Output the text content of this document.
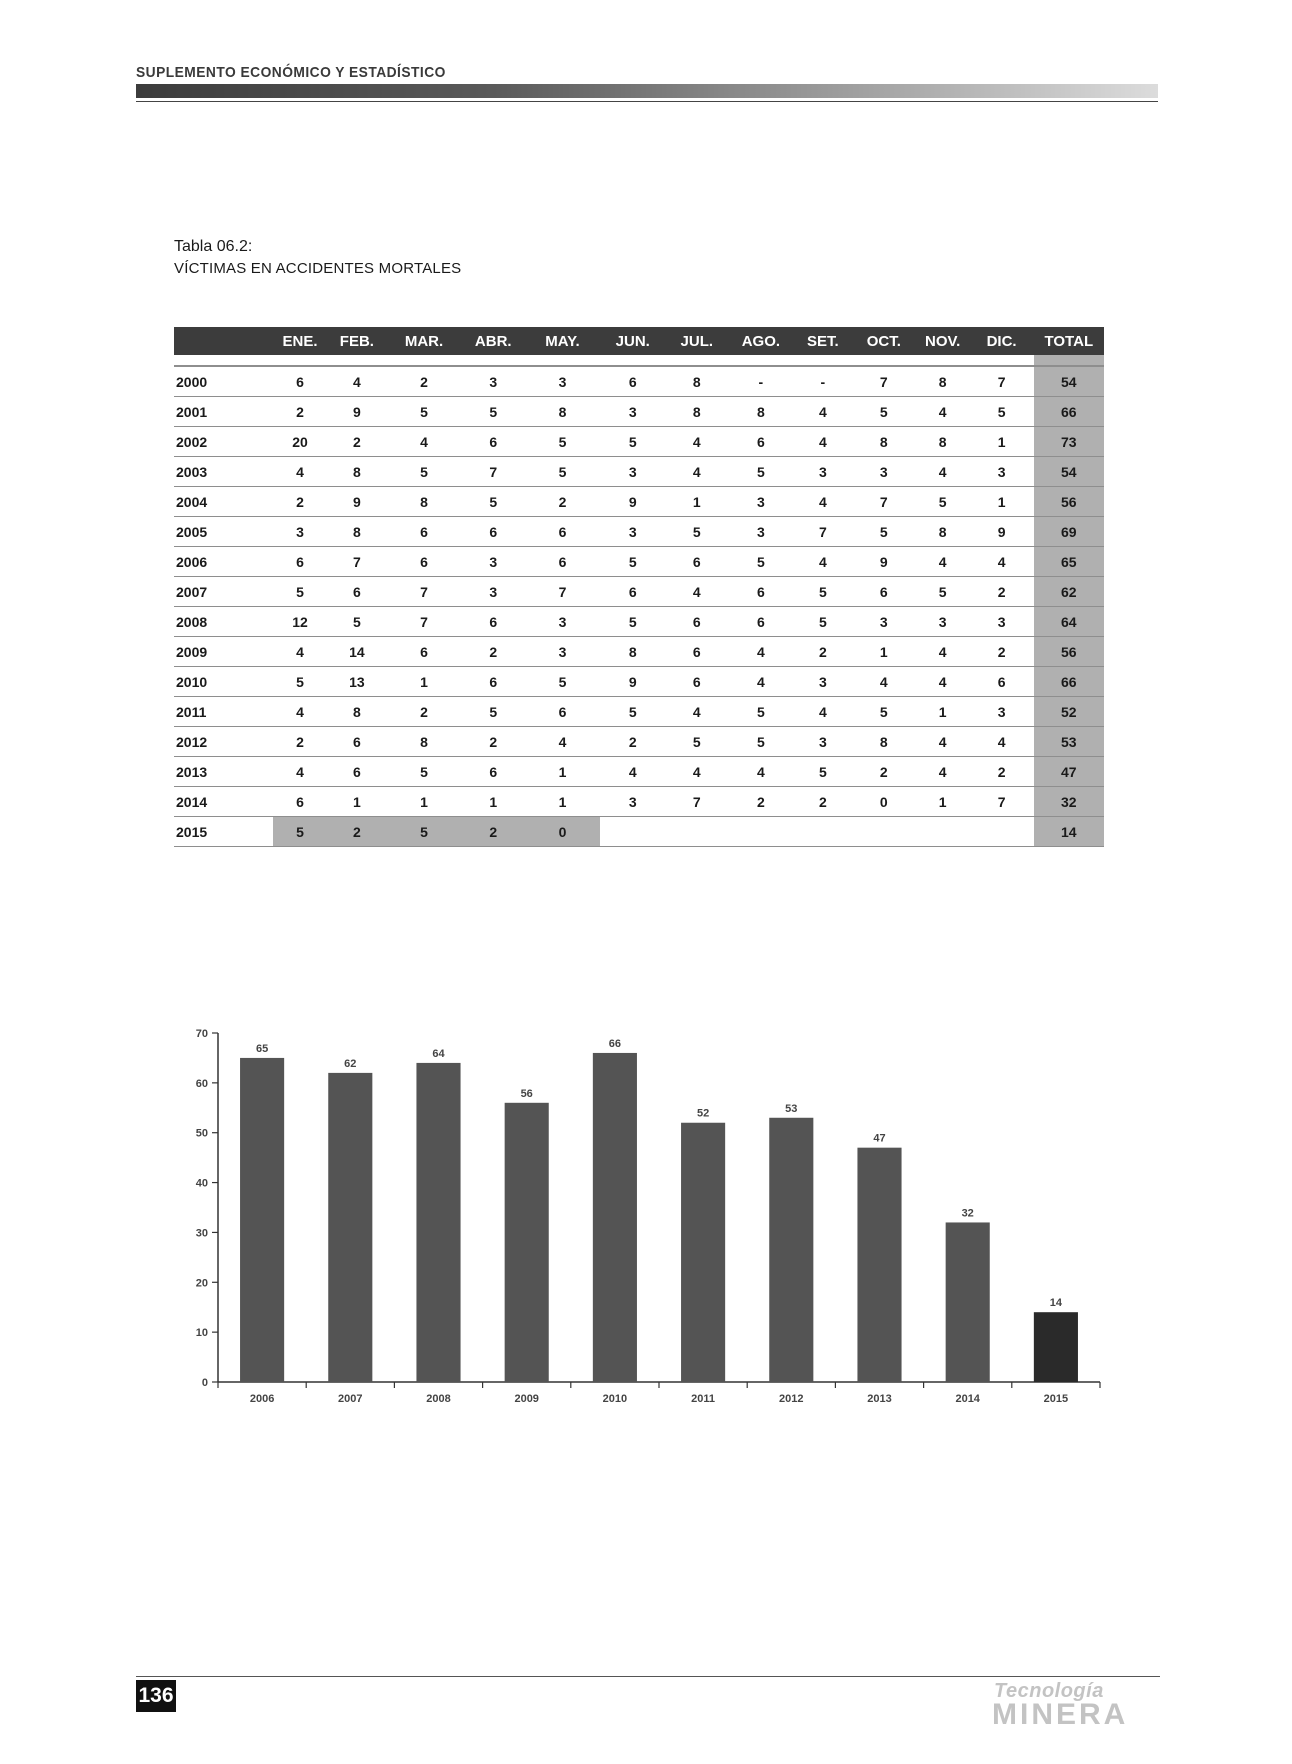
SUPLEMENTO ECONÓMICO Y ESTADÍSTICO
Tabla 06.2:
VÍCTIMAS EN ACCIDENTES MORTALES
	ENE.	FEB.	MAR.	ABR.	MAY.	JUN.	JUL.	AGO.	SET.	OCT.	NOV.	DIC.	TOTAL

2000	6	4	2	3	3	6	8	-	-	7	8	7	54
2001	2	9	5	5	8	3	8	8	4	5	4	5	66
2002	20	2	4	6	5	5	4	6	4	8	8	1	73
2003	4	8	5	7	5	3	4	5	3	3	4	3	54
2004	2	9	8	5	2	9	1	3	4	7	5	1	56
2005	3	8	6	6	6	3	5	3	7	5	8	9	69
2006	6	7	6	3	6	5	6	5	4	9	4	4	65
2007	5	6	7	3	7	6	4	6	5	6	5	2	62
2008	12	5	7	6	3	5	6	6	5	3	3	3	64
2009	4	14	6	2	3	8	6	4	2	1	4	2	56
2010	5	13	1	6	5	9	6	4	3	4	4	6	66
2011	4	8	2	5	6	5	4	5	4	5	1	3	52
2012	2	6	8	2	4	2	5	5	3	8	4	4	53
2013	4	6	5	6	1	4	4	4	5	2	4	2	47
2014	6	1	1	1	1	3	7	2	2	0	1	7	32
2015	5	2	5	2	0								14
0
10
20
30
40
50
60
70
65
2006
62
2007
64
2008
56
2009
66
2010
52
2011
53
2012
47
2013
32
2014
14
2015
136	Tecnología
MINERA
